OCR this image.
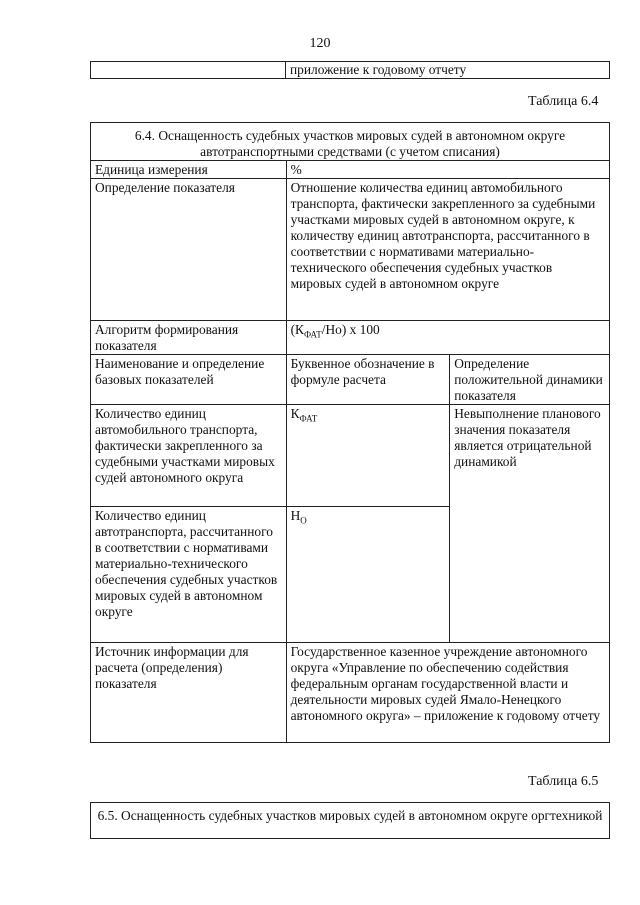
120
	приложение к годовому отчету
Таблица 6.4
6.4. Оснащенность судебных участков мировых судей в автономном округе автотранспортными средствами (с учетом списания)		
Единица измерения	%	
Определение показателя	Отношение количества единиц автомобильного транспорта, фактически закрепленного за судебными участками мировых судей в автономном округе, к количеству единиц автотранспорта, рассчитанного в соответствии с нормативами материально-технического обеспечения судебных участков мировых судей в автономном округе	
Алгоритм формирования показателя	$(К_{ФАТ}/Но)$ х 100	
Наименование и определение базовых показателей	Буквенное обозначение в формуле расчета	Определение положительной динамики показателя
Количество единиц автомобильного транспорта, фактически закрепленного за судебными участками мировых судей автономного округа	$К_{ФАТ}$	Невыполнение планового значения показателя является отрицательной динамикой
Количество единиц автотранспорта, рассчитанного в соответствии с нормативами материально-технического обеспечения судебных участков мировых судей в автономном округе	$Н_О$
Источник информации для расчета (определения) показателя	Государственное казенное учреждение автономного округа «Управление по обеспечению содействия федеральным органам государственной власти и деятельности мировых судей Ямало-Ненецкого автономного округа» – приложение к годовому отчету	
Таблица 6.5
6.5. Оснащенность судебных участков мировых судей в автономном округе оргтехникой
